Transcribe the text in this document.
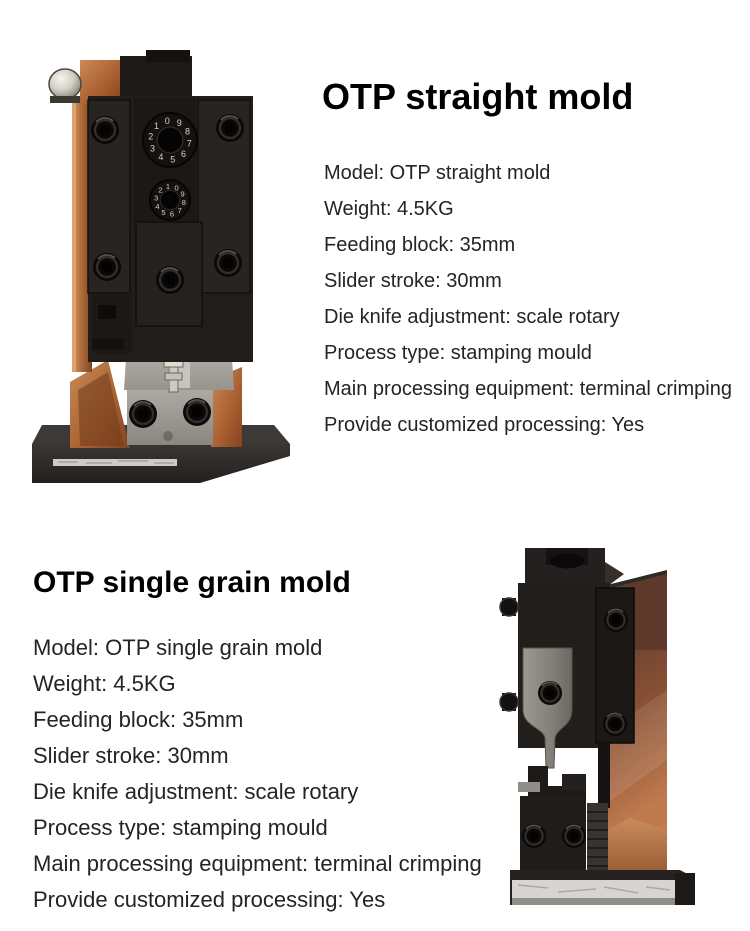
0 9
8
7
6
5
4
3
2
1
0
9
8
7
6
5
4
3
2 1
OTP straight mold
Model: OTP straight mold
Weight: 4.5KG
Feeding block: 35mm
Slider stroke: 30mm
Die knife adjustment: scale rotary
Process type: stamping mould
Main processing equipment: terminal crimping
Provide customized processing: Yes
OTP single grain mold
Model: OTP single grain mold
Weight: 4.5KG
Feeding block: 35mm
Slider stroke: 30mm
Die knife adjustment: scale rotary
Process type: stamping mould
Main processing equipment: terminal crimping
Provide customized processing: Yes
